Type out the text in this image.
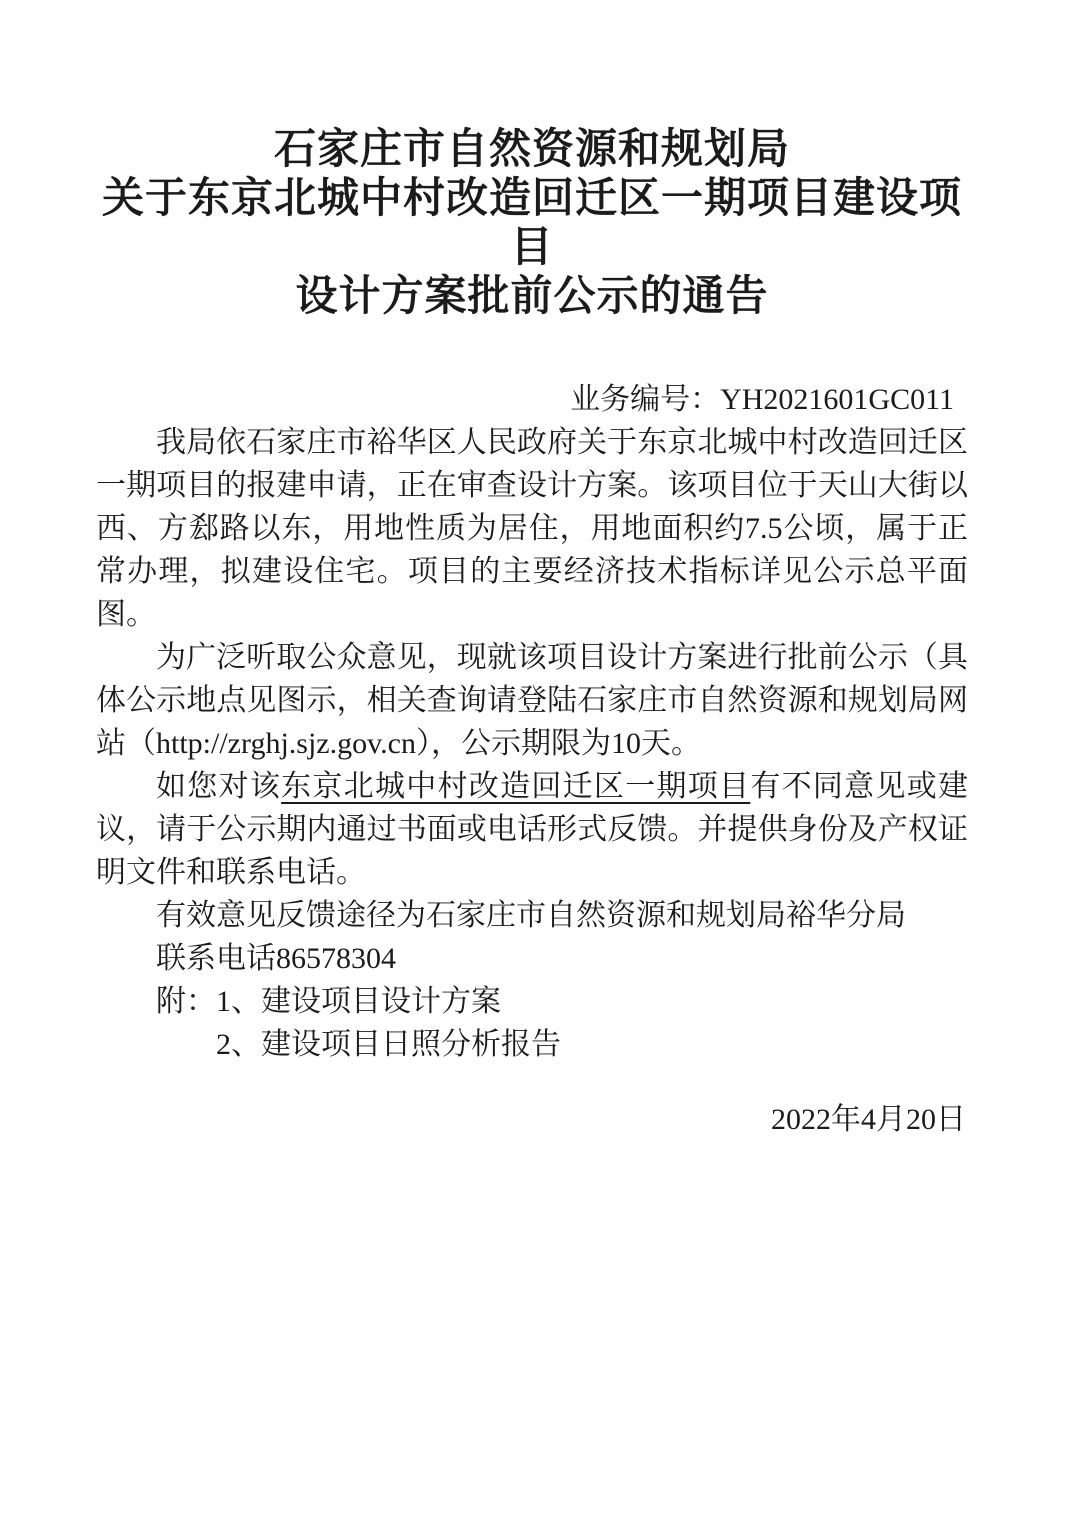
石家庄市自然资源和规划局
关于东京北城中村改造回迁区一期项目建设项目
设计方案批前公示的通告
业务编号：YH2021601GC011

我局依石家庄市裕华区人民政府关于东京北城中村改造回迁区一期项目的报建申请，正在审查设计方案。该项目位于天山大街以西、方郄路以东，用地性质为居住，用地面积约7.5公顷，属于正常办理，拟建设住宅。项目的主要经济技术指标详见公示总平面图。

为广泛听取公众意见，现就该项目设计方案进行批前公示（具体公示地点见图示，相关查询请登陆石家庄市自然资源和规划局网站（http://zrghj.sjz.gov.cn），公示期限为10天。

如您对该东京北城中村改造回迁区一期项目有不同意见或建议，请于公示期内通过书面或电话形式反馈。并提供身份及产权证明文件和联系电话。

有效意见反馈途径为石家庄市自然资源和规划局裕华分局

联系电话86578304

附：1、建设项目设计方案

2、建设项目日照分析报告

2022年4月20日
